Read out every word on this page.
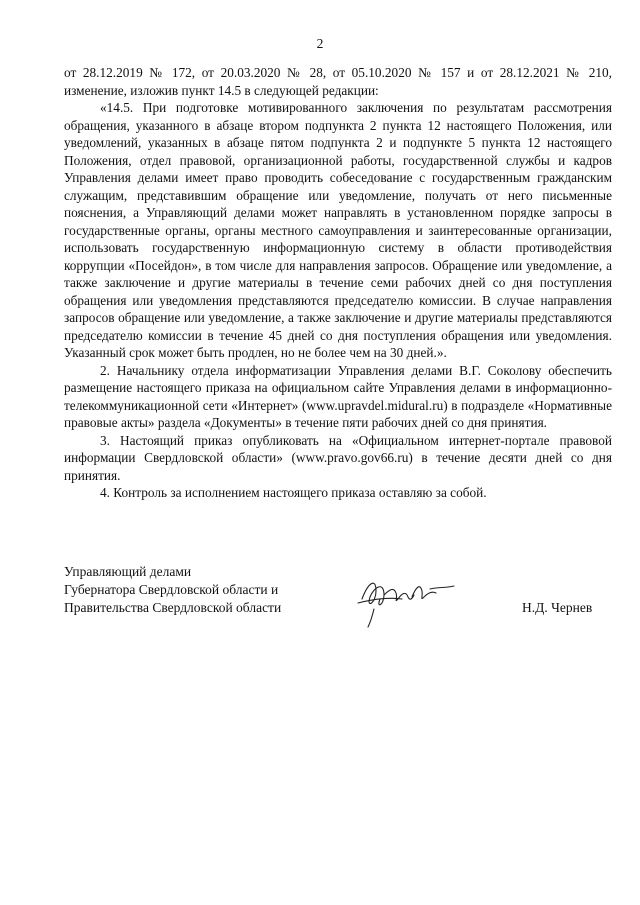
2

от 28.12.2019 № 172, от 20.03.2020 № 28, от 05.10.2020 № 157 и от 28.12.2021 № 210, изменение, изложив пункт 14.5 в следующей редакции:

«14.5. При подготовке мотивированного заключения по результатам рассмотрения обращения, указанного в абзаце втором подпункта 2 пункта 12 настоящего Положения, или уведомлений, указанных в абзаце пятом подпункта 2 и подпункте 5 пункта 12 настоящего Положения, отдел правовой, организационной работы, государственной службы и кадров Управления делами имеет право проводить собеседование с государственным гражданским служащим, представившим обращение или уведомление, получать от него письменные пояснения, а Управляющий делами может направлять в установленном порядке запросы в государственные органы, органы местного самоуправления и заинтересованные организации, использовать государственную информационную систему в области противодействия коррупции «Посейдон», в том числе для направления запросов. Обращение или уведомление, а также заключение и другие материалы в течение семи рабочих дней со дня поступления обращения или уведомления представляются председателю комиссии. В случае направления запросов обращение или уведомление, а также заключение и другие материалы представляются председателю комиссии в течение 45 дней со дня поступления обращения или уведомления. Указанный срок может быть продлен, но не более чем на 30 дней.».

2. Начальнику отдела информатизации Управления делами В.Г. Соколову обеспечить размещение настоящего приказа на официальном сайте Управления делами в информационно-телекоммуникационной сети «Интернет» (www.upravdel.midural.ru) в подразделе «Нормативные правовые акты» раздела «Документы» в течение пяти рабочих дней со дня принятия.

3. Настоящий приказ опубликовать на «Официальном интернет-портале правовой информации Свердловской области» (www.pravo.gov66.ru) в течение десяти дней со дня принятия.

4. Контроль за исполнением настоящего приказа оставляю за собой.

Управляющий делами
Губернатора Свердловской области и
Правительства Свердловской области	Н.Д. Чернев
